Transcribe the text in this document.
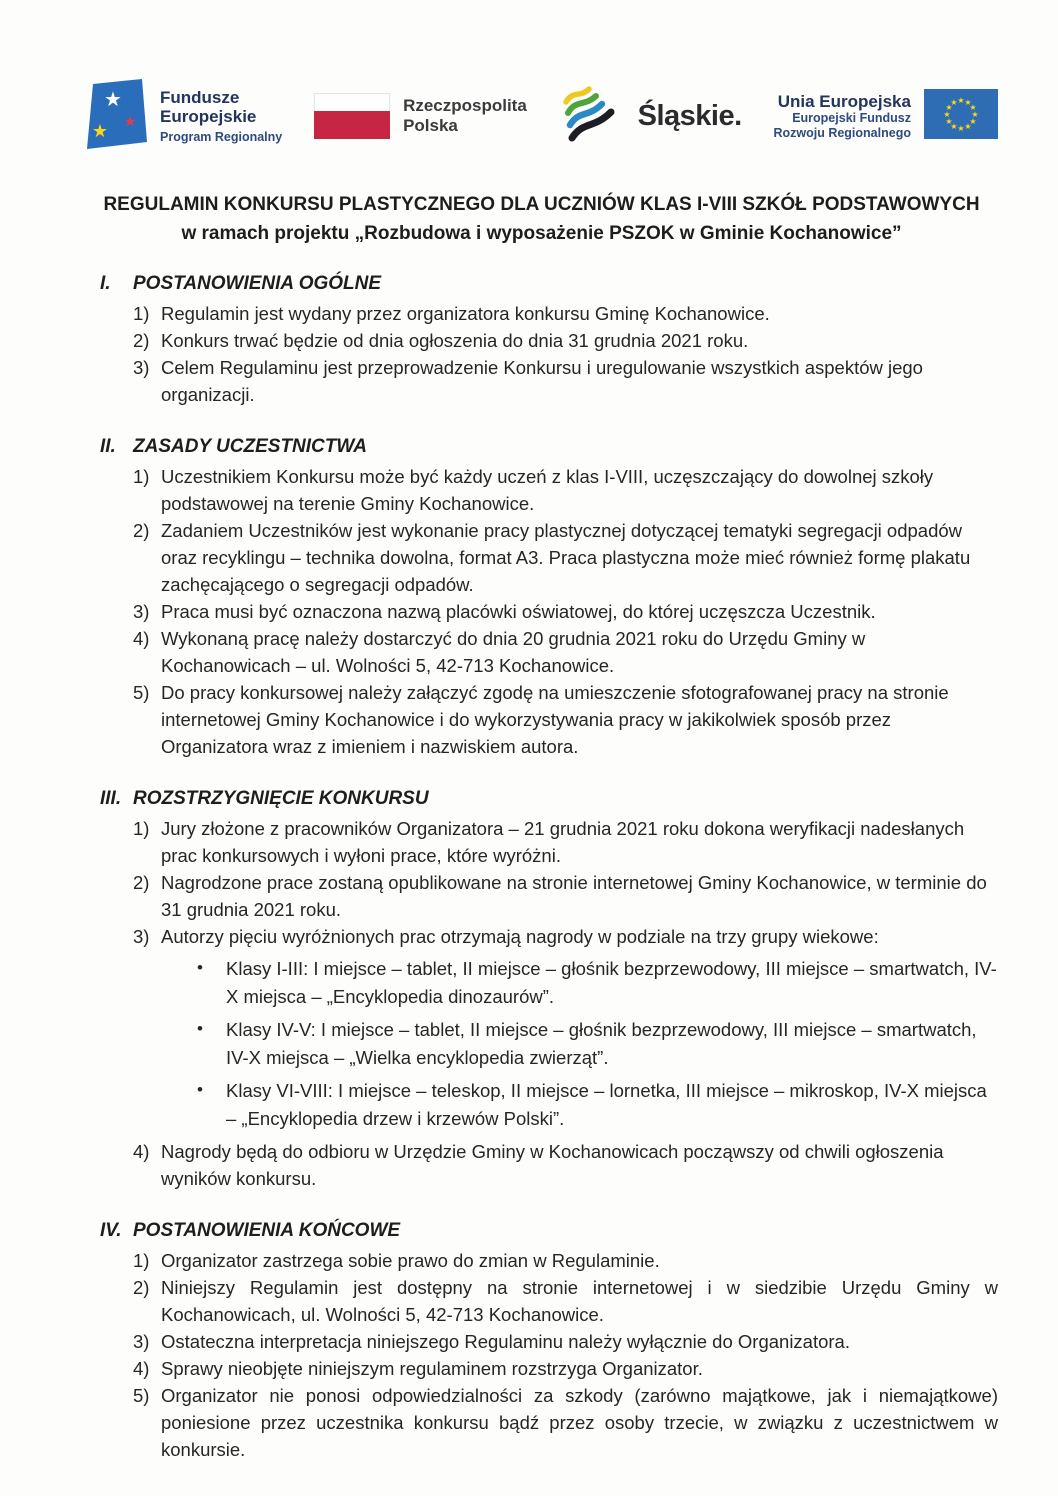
★
★ ★
Fundusze
Europejskie
Program Regionalny
Rzeczpospolita
Polska	Śląskie. Unia Europejska
Europejski Fundusz
Rozwoju Regionalnego
★ ★
★
★
★
★
★
★
★
★
★
★
REGULAMIN KONKURSU PLASTYCZNEGO DLA UCZNIÓW KLAS I-VIII SZKÓŁ PODSTAWOWYCH
w ramach projektu „Rozbudowa i wyposażenie PSZOK w Gminie Kochanowice”
I.	POSTANOWIENIA OGÓLNE
1) Regulamin jest wydany przez organizatora konkursu Gminę Kochanowice.
2) Konkurs trwać będzie od dnia ogłoszenia do dnia 31 grudnia 2021 roku.
3) Celem Regulaminu jest przeprowadzenie Konkursu i uregulowanie wszystkich aspektów jego organizacji.
II. ZASADY UCZESTNICTWA
1) Uczestnikiem Konkursu może być każdy uczeń z klas I-VIII, uczęszczający do dowolnej szkoły podstawowej na terenie Gminy Kochanowice.
2) Zadaniem Uczestników jest wykonanie pracy plastycznej dotyczącej tematyki segregacji odpadów oraz recyklingu – technika dowolna, format A3. Praca plastyczna może mieć również formę plakatu zachęcającego o segregacji odpadów.
3) Praca musi być oznaczona nazwą placówki oświatowej, do której uczęszcza Uczestnik.
4) Wykonaną pracę należy dostarczyć do dnia 20 grudnia 2021 roku do Urzędu Gminy w Kochanowicach – ul. Wolności 5, 42-713 Kochanowice.
5) Do pracy konkursowej należy załączyć zgodę na umieszczenie sfotografowanej pracy na stronie internetowej Gminy Kochanowice i do wykorzystywania pracy w jakikolwiek sposób przez Organizatora wraz z imieniem i nazwiskiem autora.
III. ROZSTRZYGNIĘCIE KONKURSU
1) Jury złożone z pracowników Organizatora – 21 grudnia 2021 roku dokona weryfikacji nadesłanych prac konkursowych i wyłoni prace, które wyróżni.
2) Nagrodzone prace zostaną opublikowane na stronie internetowej Gminy Kochanowice, w terminie do 31 grudnia 2021 roku.
3) Autorzy pięciu wyróżnionych prac otrzymają nagrody w podziale na trzy grupy wiekowe:
• Klasy I-III: I miejsce – tablet, II miejsce – głośnik bezprzewodowy, III miejsce – smartwatch, IV-X miejsca – „Encyklopedia dinozaurów”.
• Klasy IV-V: I miejsce – tablet, II miejsce – głośnik bezprzewodowy, III miejsce – smartwatch, IV-X miejsca – „Wielka encyklopedia zwierząt”.
• Klasy VI-VIII: I miejsce – teleskop, II miejsce – lornetka, III miejsce – mikroskop, IV-X miejsca – „Encyklopedia drzew i krzewów Polski”.
4) Nagrody będą do odbioru w Urzędzie Gminy w Kochanowicach począwszy od chwili ogłoszenia wyników konkursu.
IV. POSTANOWIENIA KOŃCOWE
1) Organizator zastrzega sobie prawo do zmian w Regulaminie.
2) Niniejszy Regulamin jest dostępny na stronie internetowej i w siedzibie Urzędu Gminy w Kochanowicach, ul. Wolności 5, 42-713 Kochanowice.
3) Ostateczna interpretacja niniejszego Regulaminu należy wyłącznie do Organizatora.
4) Sprawy nieobjęte niniejszym regulaminem rozstrzyga Organizator.
5) Organizator nie ponosi odpowiedzialności za szkody (zarówno majątkowe, jak i niemajątkowe) poniesione przez uczestnika konkursu bądź przez osoby trzecie, w związku z uczestnictwem w konkursie.
